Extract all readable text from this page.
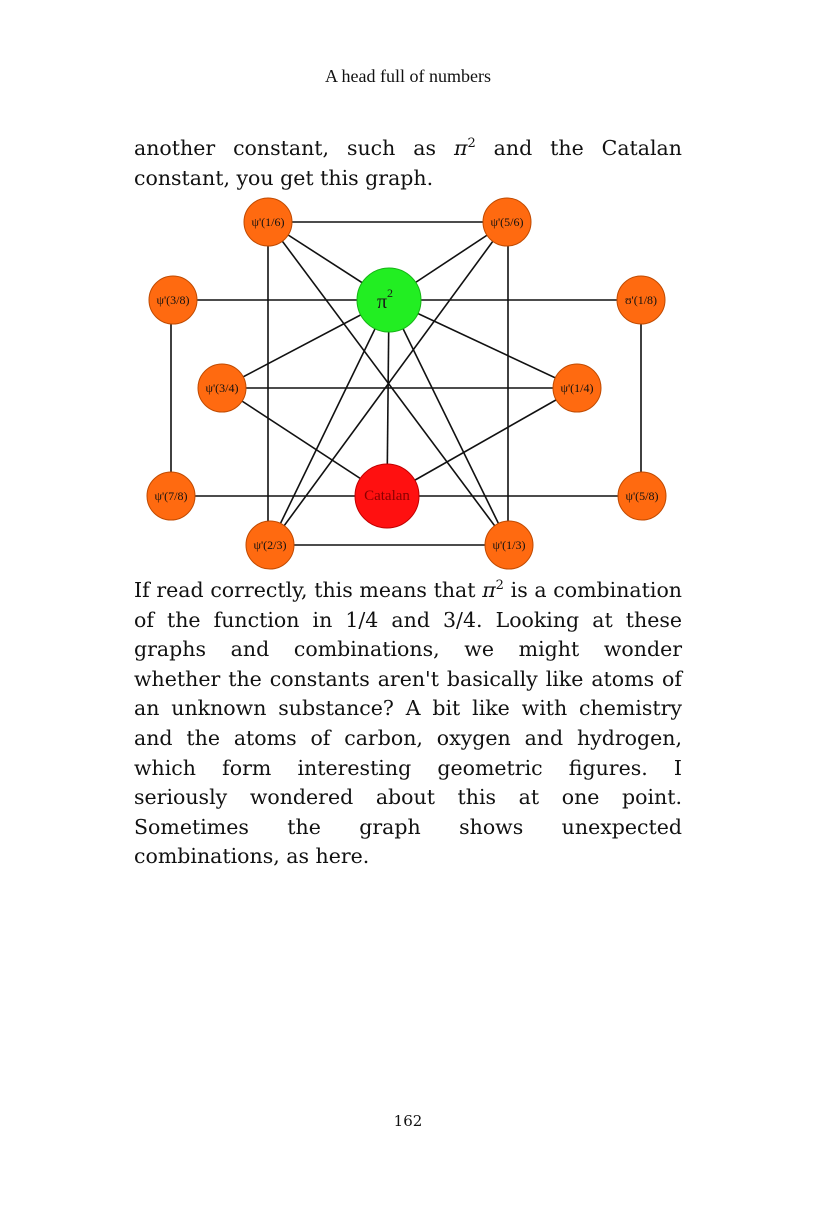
A head full of numbers

another constant, such as $\pi^2$ and the Catalan constant, you get this graph.

ψ'(1/6)	ψ'(5/6)
ψ'(3/8)	ʊ'(1/8)
ψ'(3/4)	ψ'(1/4)
ψ'(7/8)	ψ'(5/8)
ψ'(2/3)	ψ'(1/3)
$\pi^2$
Catalan

If read correctly, this means that $\pi^2$ is a combination of the function in 1/4 and 3/4. Looking at these graphs and combinations, we might wonder whether the constants aren't basically like atoms of an unknown substance? A bit like with chemistry and the atoms of carbon, oxygen and hydrogen, which form interesting geometric figures. I seriously wondered about this at one point. Sometimes the graph shows unexpected combinations, as here.

162
